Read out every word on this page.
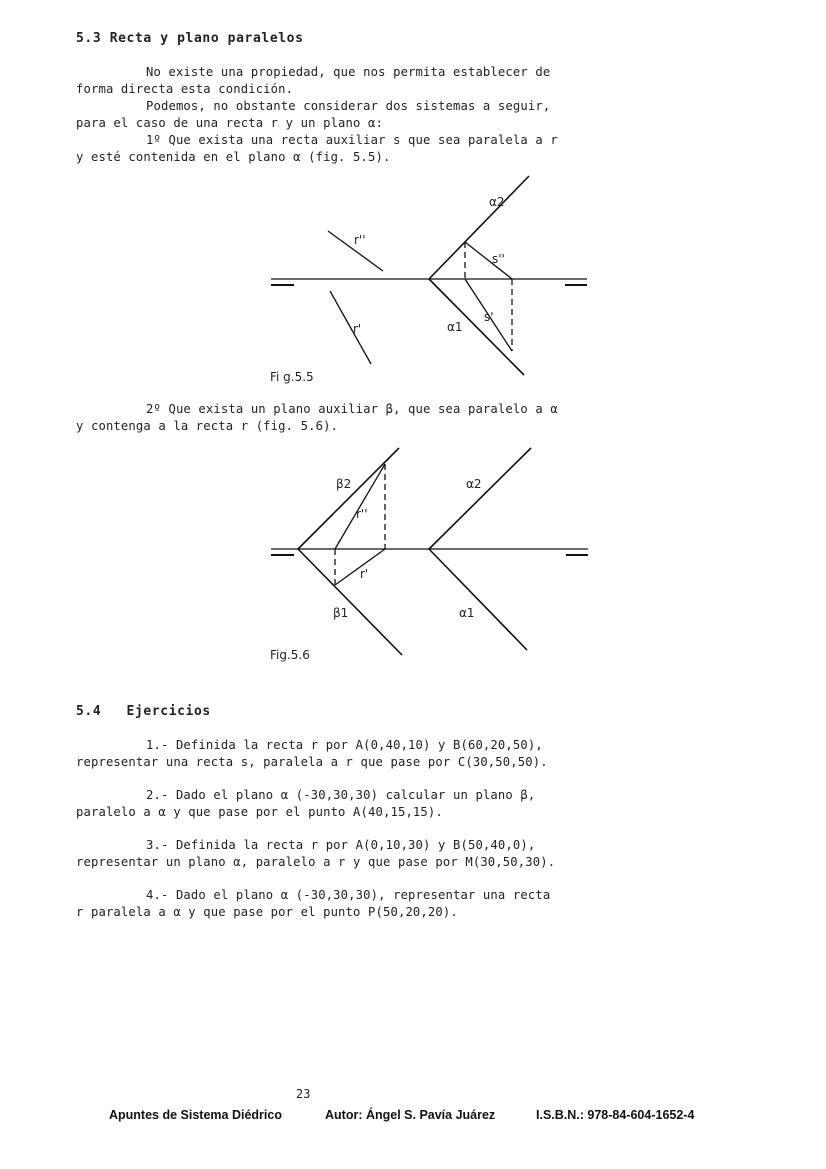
5.3 Recta y plano paralelos
No existe una propiedad, que nos permita establecer de
forma directa esta condición.
Podemos, no obstante considerar dos sistemas a seguir,
para el caso de una recta r y un plano α:
1º Que exista una recta auxiliar s que sea paralela a r
y esté contenida en el plano α (fig. 5.5).
α2
r''
s''
s'
r'	α1
Fi g.5.5
2º Que exista un plano auxiliar β, que sea paralelo a α
y contenga a la recta r (fig. 5.6).
β2	α2
r''
r'
β1	α1
Fig.5.6
5.4   Ejercicios
1.- Definida la recta r por A(0,40,10) y B(60,20,50),
representar una recta s, paralela a r que pase por C(30,50,50).
2.- Dado el plano α (-30,30,30) calcular un plano β,
paralelo a α y que pase por el punto A(40,15,15).
3.- Definida la recta r por A(0,10,30) y B(50,40,0),
representar un plano α, paralelo a r y que pase por M(30,50,30).
4.- Dado el plano α (-30,30,30), representar una recta
r paralela a α y que pase por el punto P(50,20,20).
23
Apuntes de Sistema Diédrico	Autor: Ángel S. Pavía Juárez	I.S.B.N.: 978-84-604-1652-4
